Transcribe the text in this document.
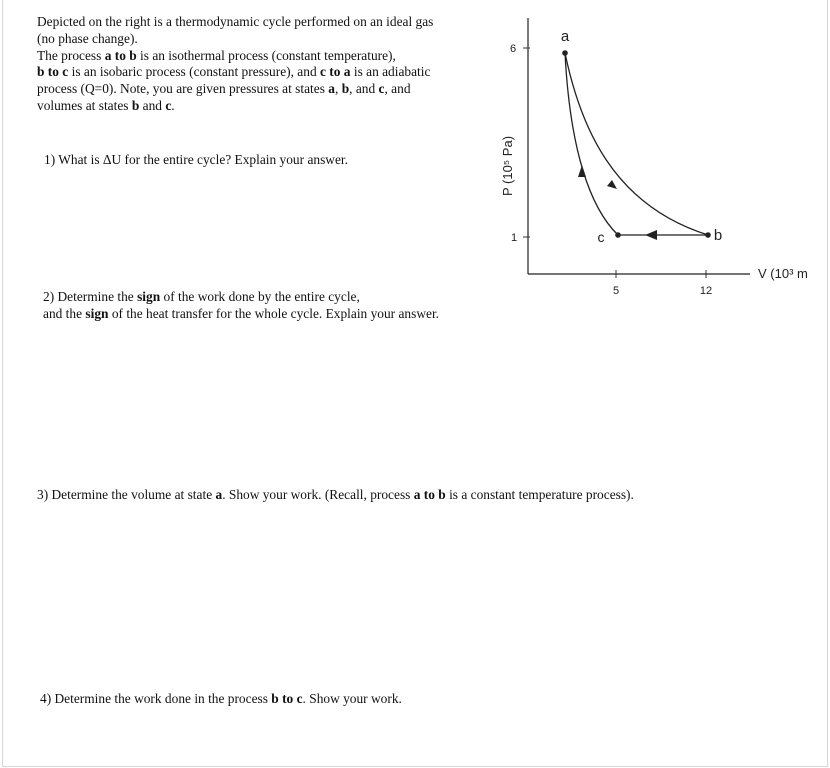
Depicted on the right is a thermodynamic cycle performed on an ideal gas
(no phase change).
The process a to b is an isothermal process (constant temperature),
b to c is an isobaric process (constant pressure), and c to a is an adiabatic
process (Q=0). Note, you are given pressures at states a, b, and c, and
volumes at states b and c.
1) What is ΔU for the entire cycle? Explain your answer.
2) Determine the sign of the work done by the entire cycle,
and the sign of the heat transfer for the whole cycle. Explain your answer.
3) Determine the volume at state a. Show your work. (Recall, process a to b is a constant temperature process).
4) Determine the work done in the process b to c. Show your work.
6
1
5	12
V (10³ m
P (10⁵ Pa)
a
b
c
